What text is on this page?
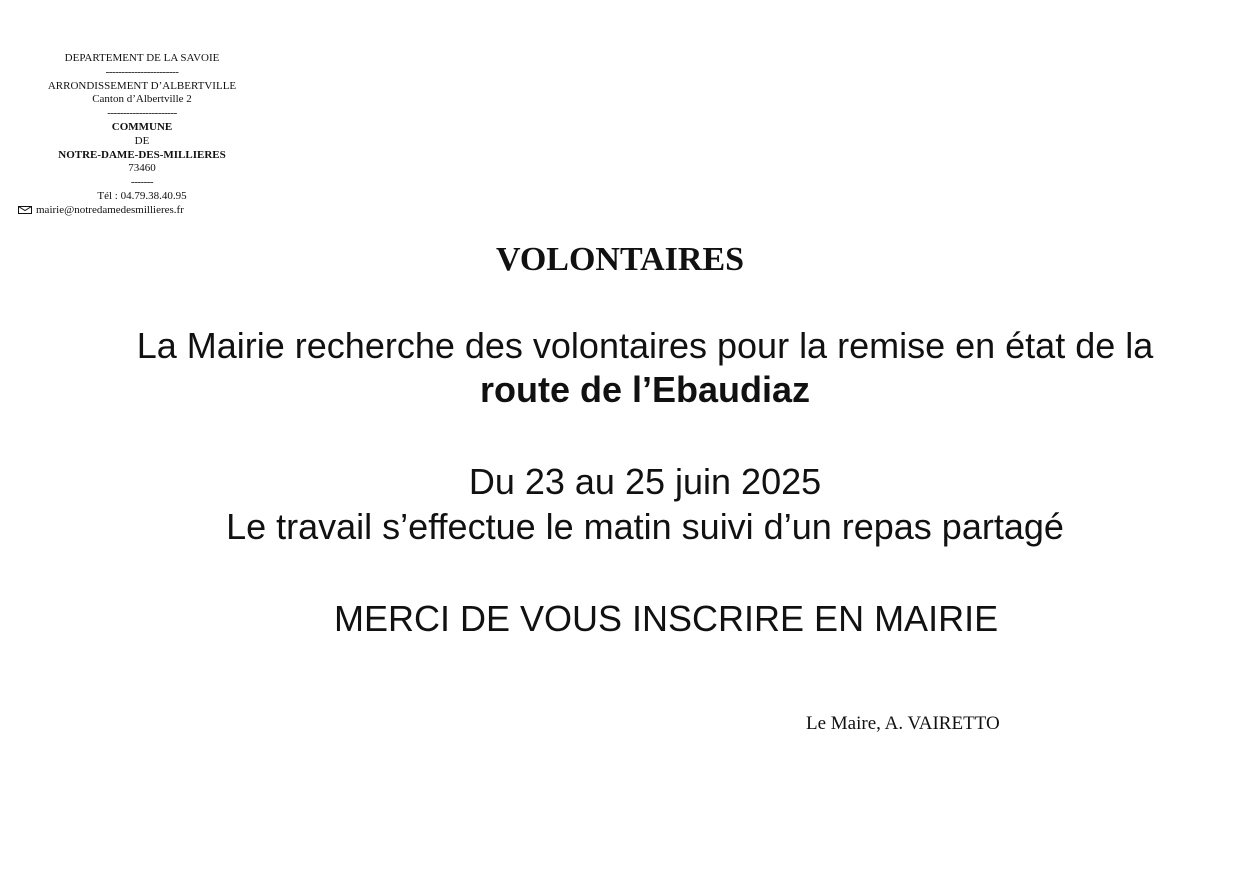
DEPARTEMENT DE LA SAVOIE
-----------------------
ARRONDISSEMENT D’ALBERTVILLE
Canton d’Albertville 2
----------------------
COMMUNE
DE
NOTRE-DAME-DES-MILLIERES
73460
-------
Tél : 04.79.38.40.95
mairie@notredamedesmillieres.fr
VOLONTAIRES
La Mairie recherche des volontaires pour la remise en état de la
route de l’Ebaudiaz
Du 23 au 25 juin 2025
Le travail s’effectue le matin suivi d’un repas partagé
MERCI DE VOUS INSCRIRE EN MAIRIE
Le Maire, A. VAIRETTO
